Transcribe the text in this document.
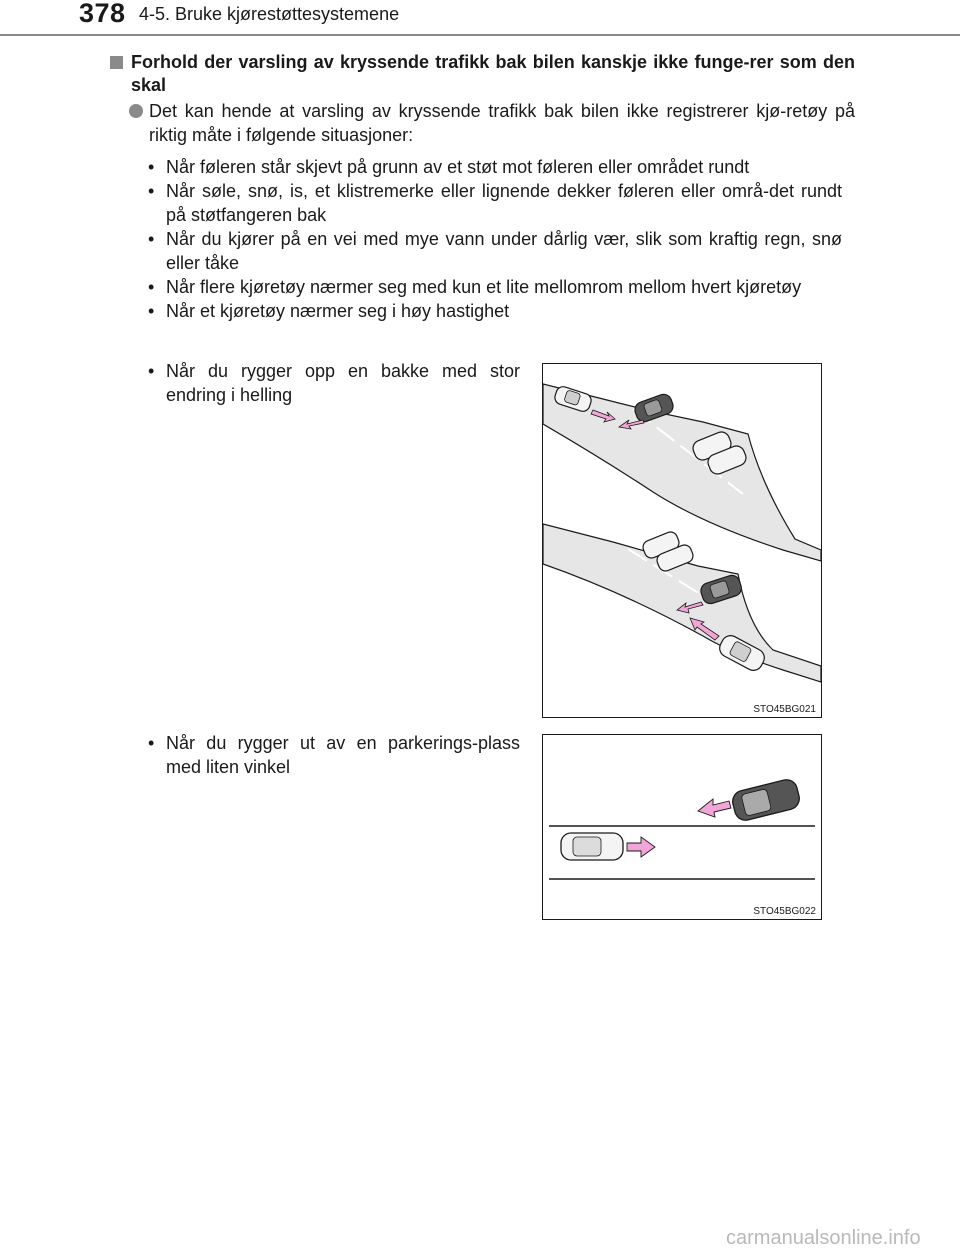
378 4-5. Bruke kjørestøttesystemene
Forhold der varsling av kryssende trafikk bak bilen kanskje ikke funge-rer som den skal
Det kan hende at varsling av kryssende trafikk bak bilen ikke registrerer kjø-retøy på riktig måte i følgende situasjoner:
• Når føleren står skjevt på grunn av et støt mot føleren eller området rundt
• Når søle, snø, is, et klistremerke eller lignende dekker føleren eller områ-det rundt på støtfangeren bak
• Når du kjører på en vei med mye vann under dårlig vær, slik som kraftig regn, snø eller tåke
• Når flere kjøretøy nærmer seg med kun et lite mellomrom mellom hvert kjøretøy
• Når et kjøretøy nærmer seg i høy hastighet
• Når du rygger opp en bakke med stor endring i helling
STO45BG021
• Når du rygger ut av en parkerings-plass med liten vinkel
STO45BG022
carmanualsonline.info
